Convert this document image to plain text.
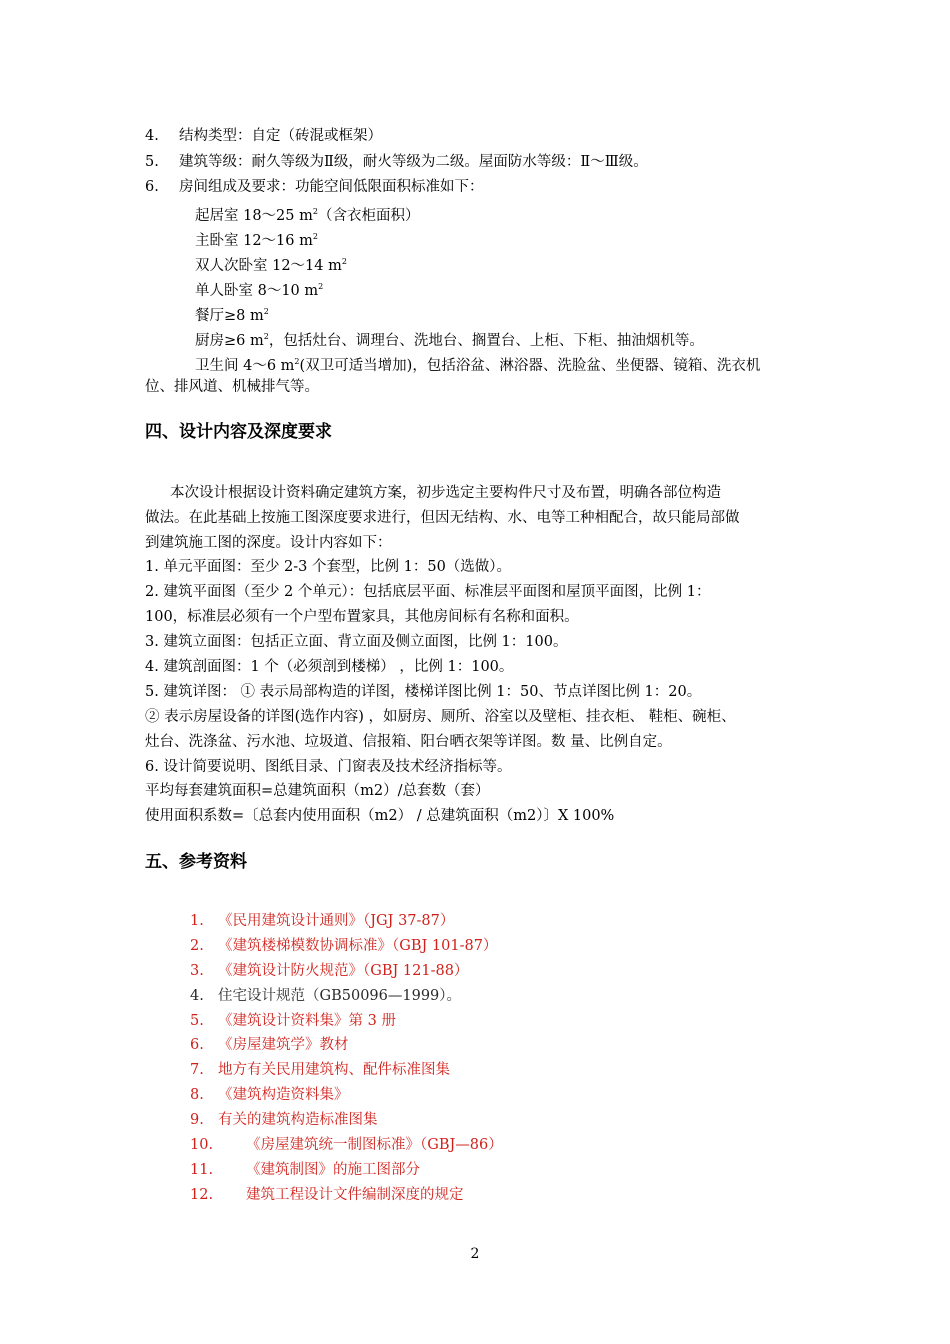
4. 结构类型：自定（砖混或框架）
5. 建筑等级：耐久等级为Ⅱ级，耐火等级为二级。屋面防水等级：Ⅱ～Ⅲ级。
6. 房间组成及要求：功能空间低限面积标准如下：
起居室 18～25 $m^2$（含衣柜面积）
主卧室 12～16 $m^2$
双人次卧室 12～14 $m^2$
单人卧室 8～10 $m^2$
餐厅≥8 $m^2$
厨房≥6 $m^2$，包括灶台、调理台、洗地台、搁置台、上柜、下柜、抽油烟机等。
卫生间 4～6 $m^2$(双卫可适当增加)，包括浴盆、淋浴器、洗脸盆、坐便器、镜箱、洗衣机
位、排风道、机械排气等。
四、设计内容及深度要求
本次设计根据设计资料确定建筑方案，初步选定主要构件尺寸及布置，明确各部位构造
做法。在此基础上按施工图深度要求进行，但因无结构、水、电等工种相配合，故只能局部做
到建筑施工图的深度。设计内容如下：
1. 单元平面图：至少 2-3 个套型，比例 1：50（选做）。
2. 建筑平面图（至少 2 个单元）：包括底层平面、标准层平面图和屋顶平面图，比例 1：
100，标准层必须有一个户型布置家具，其他房间标有名称和面积。
3. 建筑立面图：包括正立面、背立面及侧立面图，比例 1：100。
4. 建筑剖面图：1 个（必须剖到楼梯） ，比例 1：100。
5. 建筑详图： ① 表示局部构造的详图，楼梯详图比例 1：50、节点详图比例 1：20。
② 表示房屋设备的详图(选作内容) ，如厨房、厕所、浴室以及壁柜、挂衣柜、 鞋柜、碗柜、
灶台、洗涤盆、污水池、垃圾道、信报箱、阳台晒衣架等详图。数 量、比例自定。
6. 设计简要说明、图纸目录、门窗表及技术经济指标等。
平均每套建筑面积=总建筑面积（m2）/总套数（套）
使用面积系数=〔总套内使用面积（m2） / 总建筑面积（m2）〕X 100%
五、参考资料
1. 《民用建筑设计通则》（JGJ 37-87）
2. 《建筑楼梯模数协调标准》（GBJ 101-87）
3. 《建筑设计防火规范》（GBJ 121-88）
4. 住宅设计规范（GB50096—1999）。
5. 《建筑设计资料集》第 3 册
6. 《房屋建筑学》教材
7. 地方有关民用建筑构、配件标准图集
8. 《建筑构造资料集》
9. 有关的建筑构造标准图集
10. 《房屋建筑统一制图标准》（GBJ—86）
11. 《建筑制图》的施工图部分
12. 建筑工程设计文件编制深度的规定
2
